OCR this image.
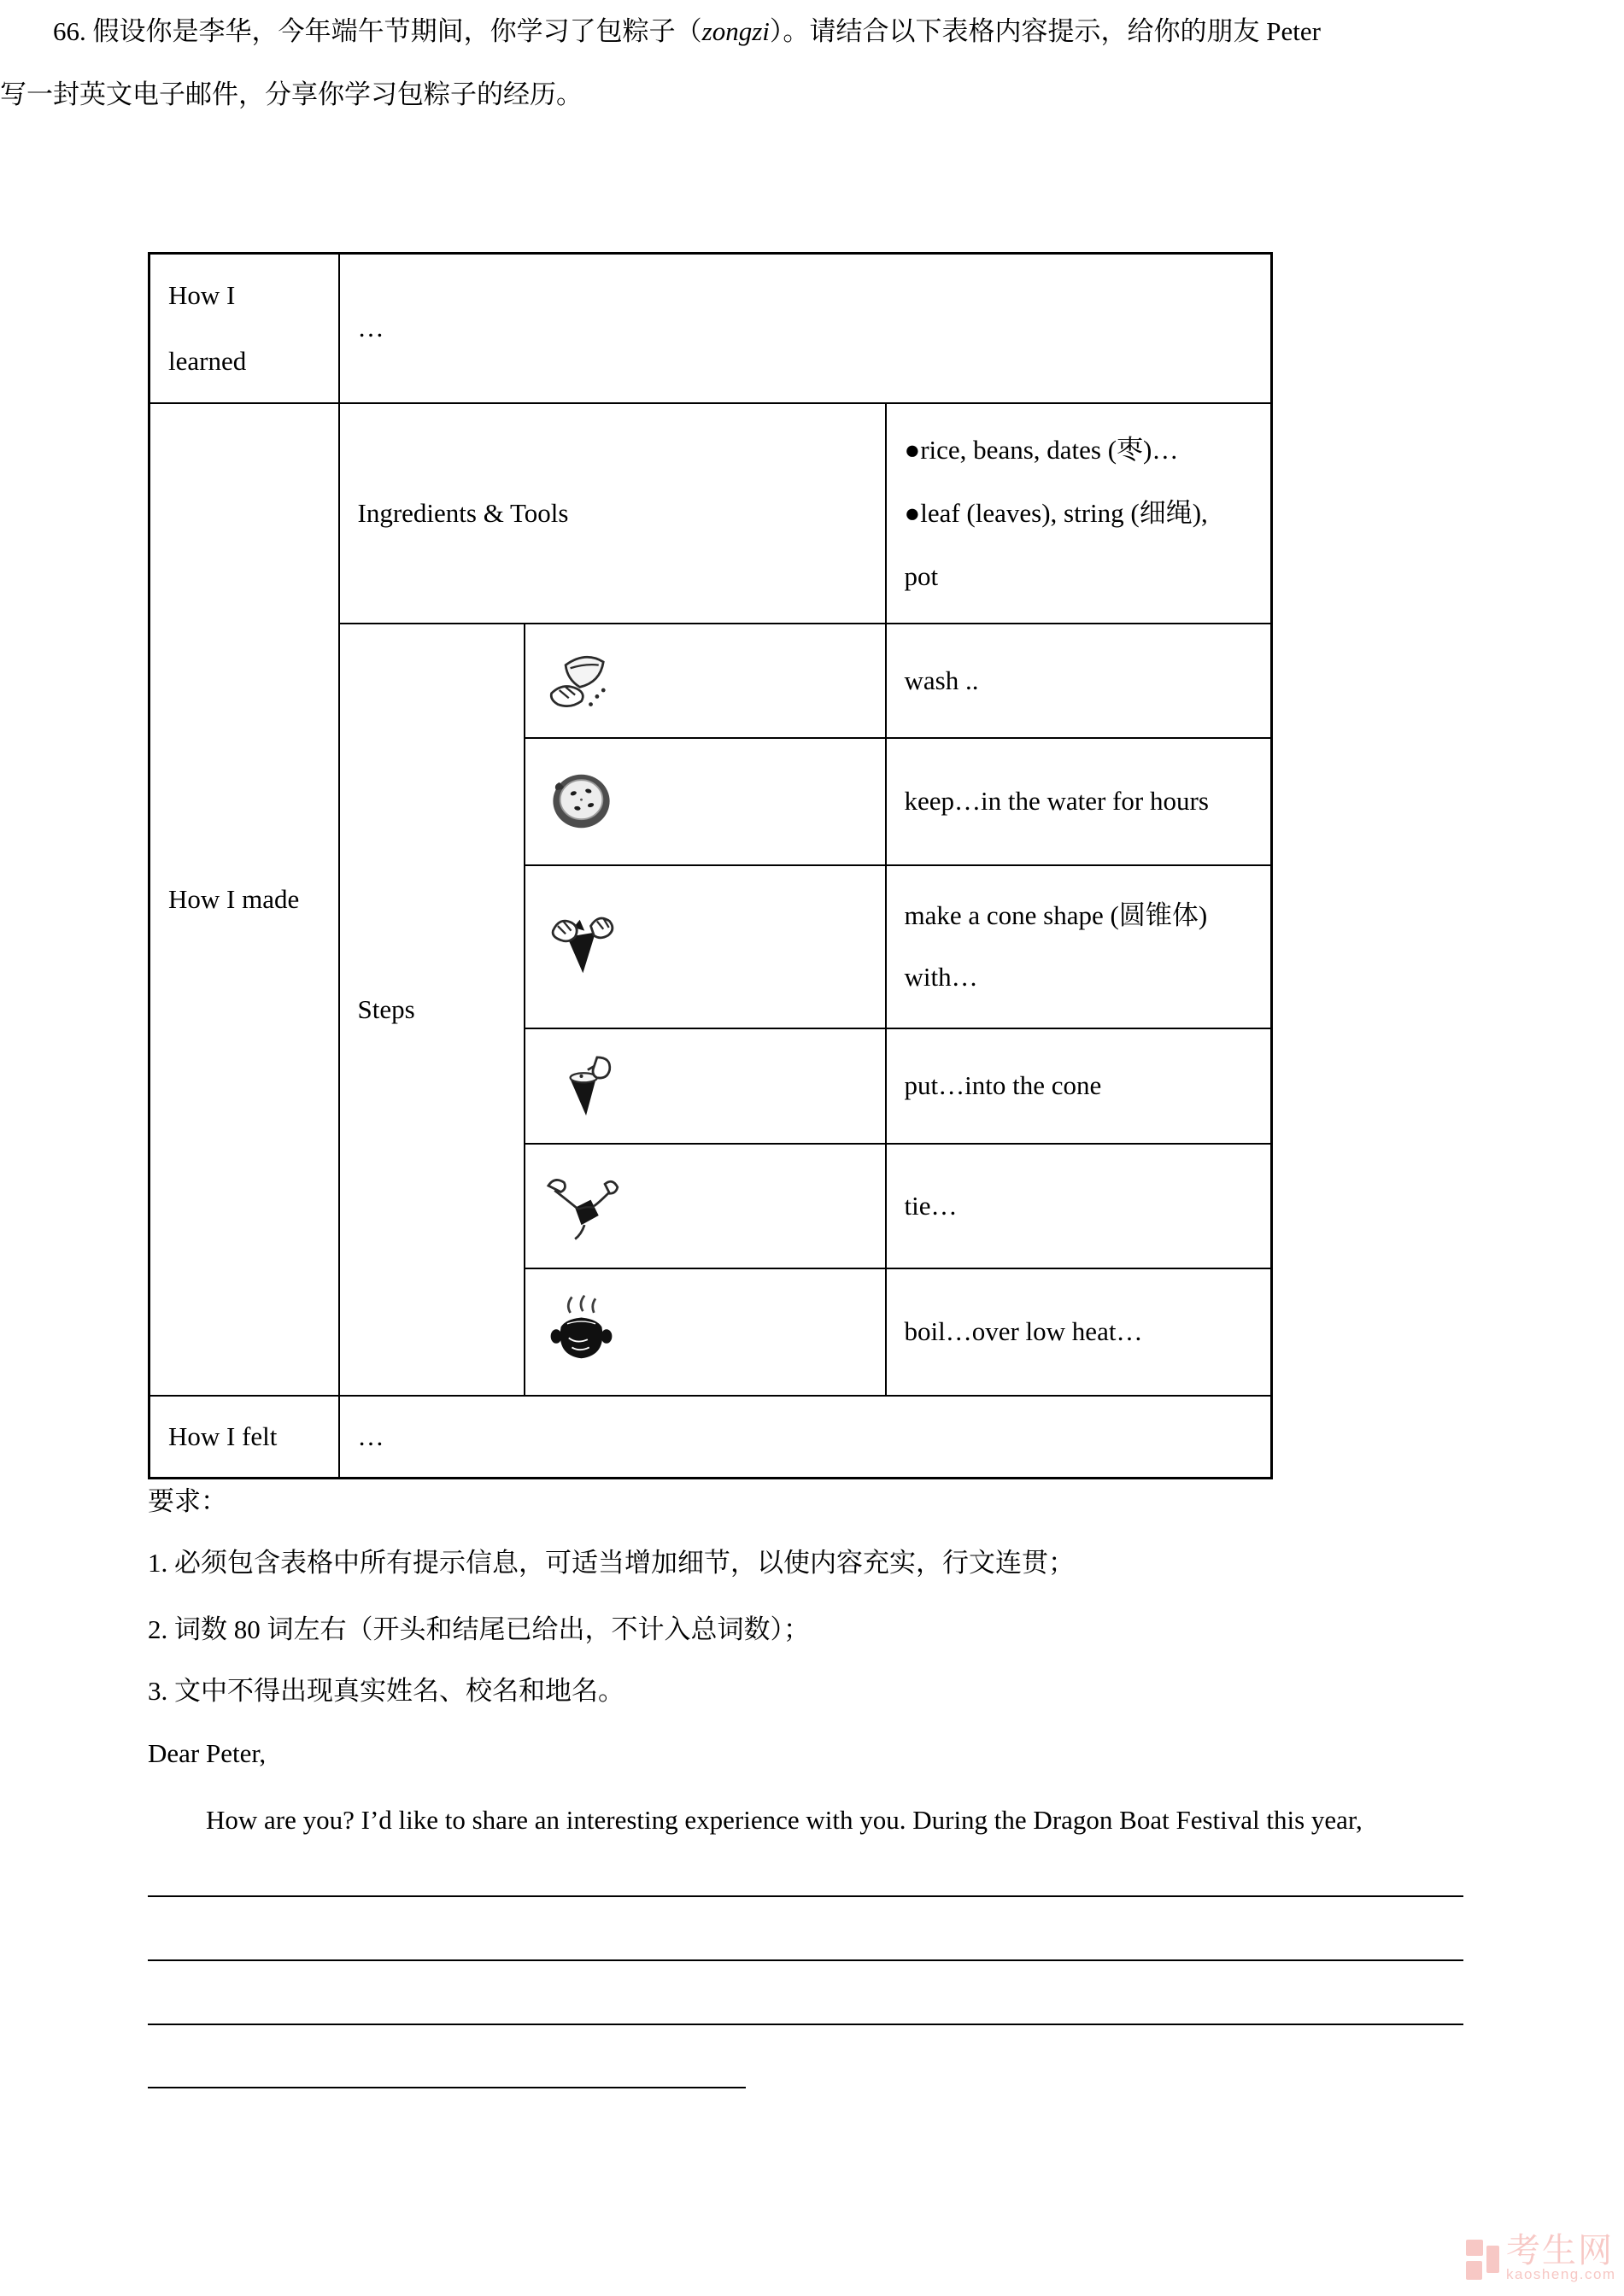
66. 假设你是李华，今年端午节期间，你学习了包粽子（zongzi）。请结合以下表格内容提示，给你的朋友 Peter 写一封英文电子邮件，分享你学习包粽子的经历。

How I
learned	…		
How I made	Ingredients & Tools		●rice, beans, dates (枣)…
●leaf (leaves), string (细绳),
pot

	Steps		wash ..

	keep…in the water for hours

	make a cone shape (圆锥体) with…

	put…into the cone

	tie…

	boil…over low heat…
How I felt	…		
要求：
1. 必须包含表格中所有提示信息，可适当增加细节，以使内容充实，行文连贯；
2. 词数 80 词左右（开头和结尾已给出，不计入总词数）；
3. 文中不得出现真实姓名、校名和地名。
Dear Peter,
How are you? I’d like to share an interesting experience with you. During the Dragon Boat Festival this year,
考生网
kaosheng.com
